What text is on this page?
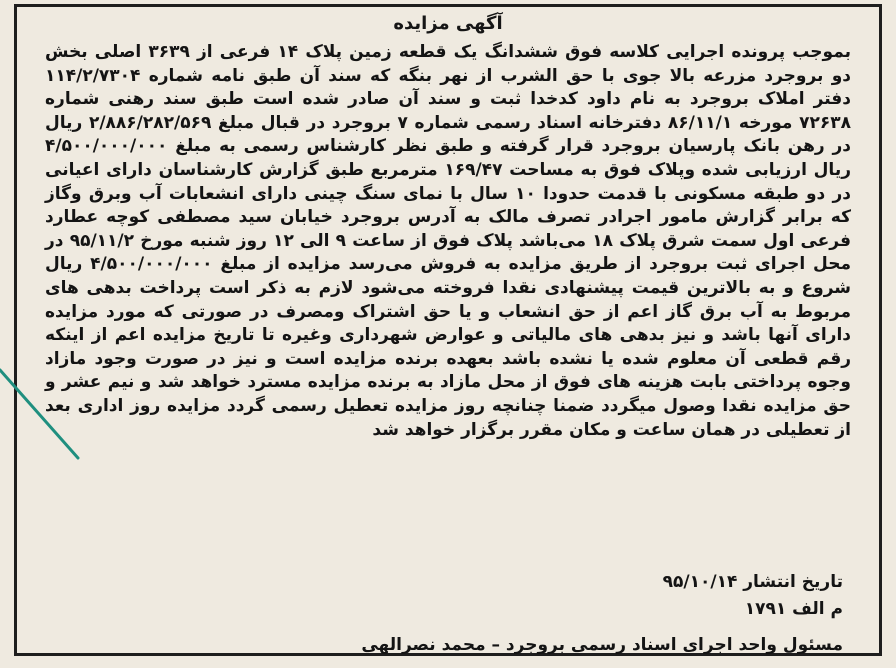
آگهی مزایده

بموجب پرونده اجرایی کلاسه فوق ششدانگ یک قطعه زمین پلاک ۱۴ فرعی از ۳۶۳۹ اصلی بخش دو بروجرد مزرعه بالا جوی با حق الشرب از نهر بنگه که سند آن طبق نامه شماره ۱۱۴/۲/۷۳۰۴ دفتر املاک بروجرد به نام داود کدخدا ثبت و سند آن صادر شده است طبق سند رهنی شماره ۷۲۶۳۸ مورخه ۸۶/۱۱/۱ دفترخانه اسناد رسمی شماره ۷ بروجرد در قبال مبلغ ۲/۸۸۶/۲۸۲/۵۶۹ ریال در رهن بانک پارسیان بروجرد قرار گرفته و طبق نظر کارشناس رسمی به مبلغ ۴/۵۰۰/۰۰۰/۰۰۰ ریال ارزیابی شده وپلاک فوق به مساحت ۱۶۹/۴۷ مترمربع طبق گزارش کارشناسان دارای اعیانی در دو طبقه مسکونی با قدمت حدودا ۱۰ سال با نمای سنگ چینی دارای انشعابات آب وبرق وگاز که برابر گزارش مامور اجرادر تصرف مالک به آدرس بروجرد خیابان سید مصطفی کوچه عطارد فرعی اول سمت شرق پلاک ۱۸ می‌باشد پلاک فوق از ساعت ۹ الی ۱۲ روز شنبه مورخ ۹۵/۱۱/۲ در محل اجرای ثبت بروجرد از طریق مزایده به فروش می‌رسد مزایده از مبلغ ۴/۵۰۰/۰۰۰/۰۰۰ ریال شروع و به بالاترین قیمت پیشنهادی نقدا فروخته می‌شود لازم به ذکر است پرداخت بدهی های مربوط به آب برق گاز اعم از حق انشعاب و یا حق اشتراک ومصرف در صورتی که مورد مزایده دارای آنها باشد و نیز بدهی های مالیاتی و عوارض شهرداری وغیره تا تاریخ مزایده اعم از اینکه رقم قطعی آن معلوم شده یا نشده باشد بعهده برنده مزایده است و نیز در صورت وجود مازاد وجوه پرداختی بابت هزینه های فوق از محل مازاد به برنده مزایده مسترد خواهد شد و نیم عشر و حق مزایده نقدا وصول میگردد ضمنا چنانچه روز مزایده تعطیل رسمی گردد مزایده روز اداری بعد از تعطیلی در همان ساعت و مکان مقرر برگزار خواهد شد

تاریخ انتشار ۹۵/۱۰/۱۴
م الف ۱۷۹۱
مسئول واحد اجرای اسناد رسمی بروجرد – محمد نصرالهی
